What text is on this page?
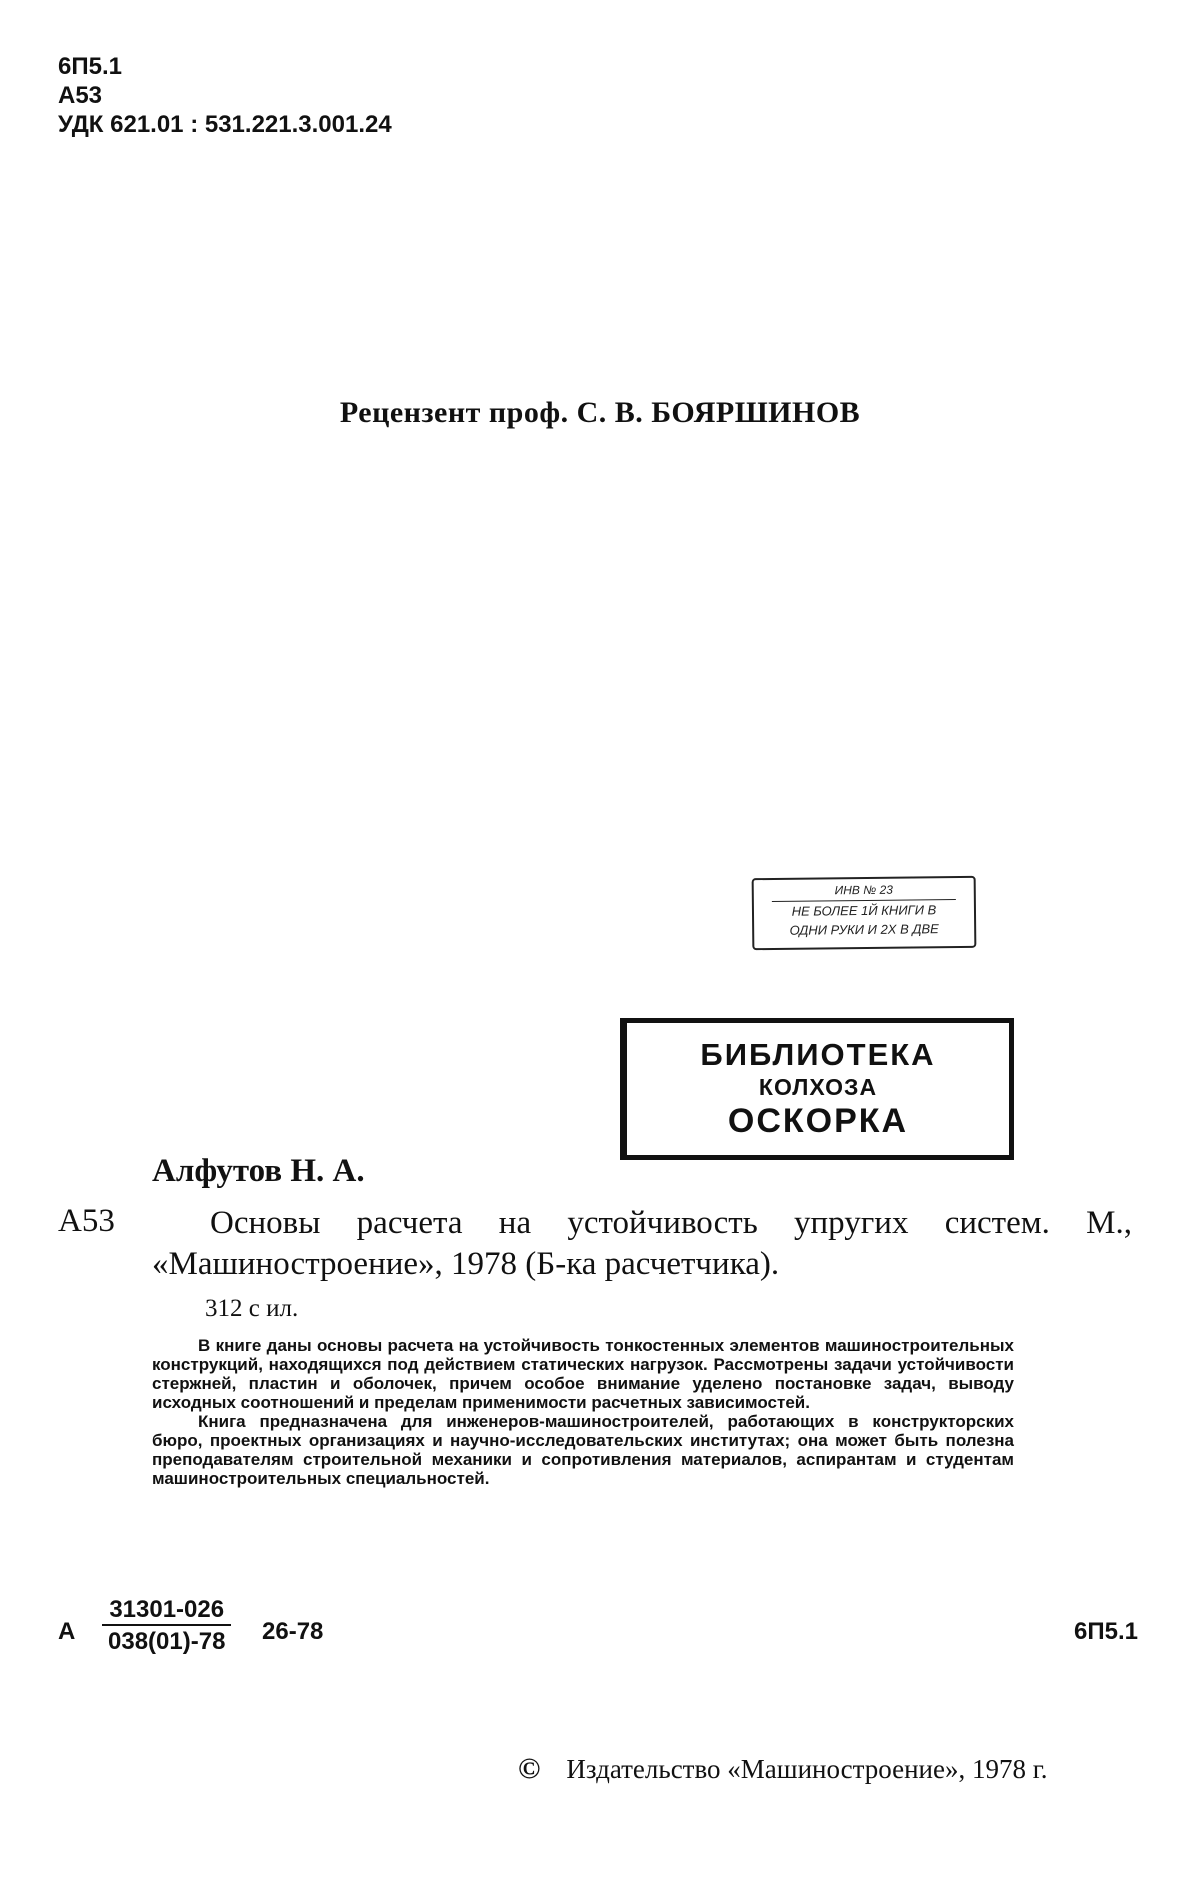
6П5.1
А53
УДК 621.01 : 531.221.3.001.24
Рецензент проф. С. В. БОЯРШИНОВ
ИНВ № 23
НЕ БОЛЕЕ 1Й КНИГИ В
ОДНИ РУКИ И 2Х В ДВЕ
БИБЛИОТЕКА
КОЛХОЗА
ОСКОРКА
Алфутов Н. А.
А53	Основы расчета на устойчивость упругих систем. М., «Машиностроение», 1978 (Б-ка расчетчика).
312 с ил.

В книге даны основы расчета на устойчивость тонкостенных элементов машиностроительных конструкций, находящихся под действием статических нагрузок. Рассмотрены задачи устойчивости стержней, пластин и оболочек, причем особое внимание уделено постановке задач, выводу исходных соотношений и пределам применимости расчетных зависимостей.

Книга предназначена для инженеров-машиностроителей, работающих в конструкторских бюро, проектных организациях и научно-исследовательских институтах; она может быть полезна преподавателям строительной механики и сопротивления материалов, аспирантам и студентам машиностроительных специальностей.

А $\frac{31301-026}{038(01)-78} 26-78$	6П5.1
© Издательство «Машиностроение», 1978 г.
